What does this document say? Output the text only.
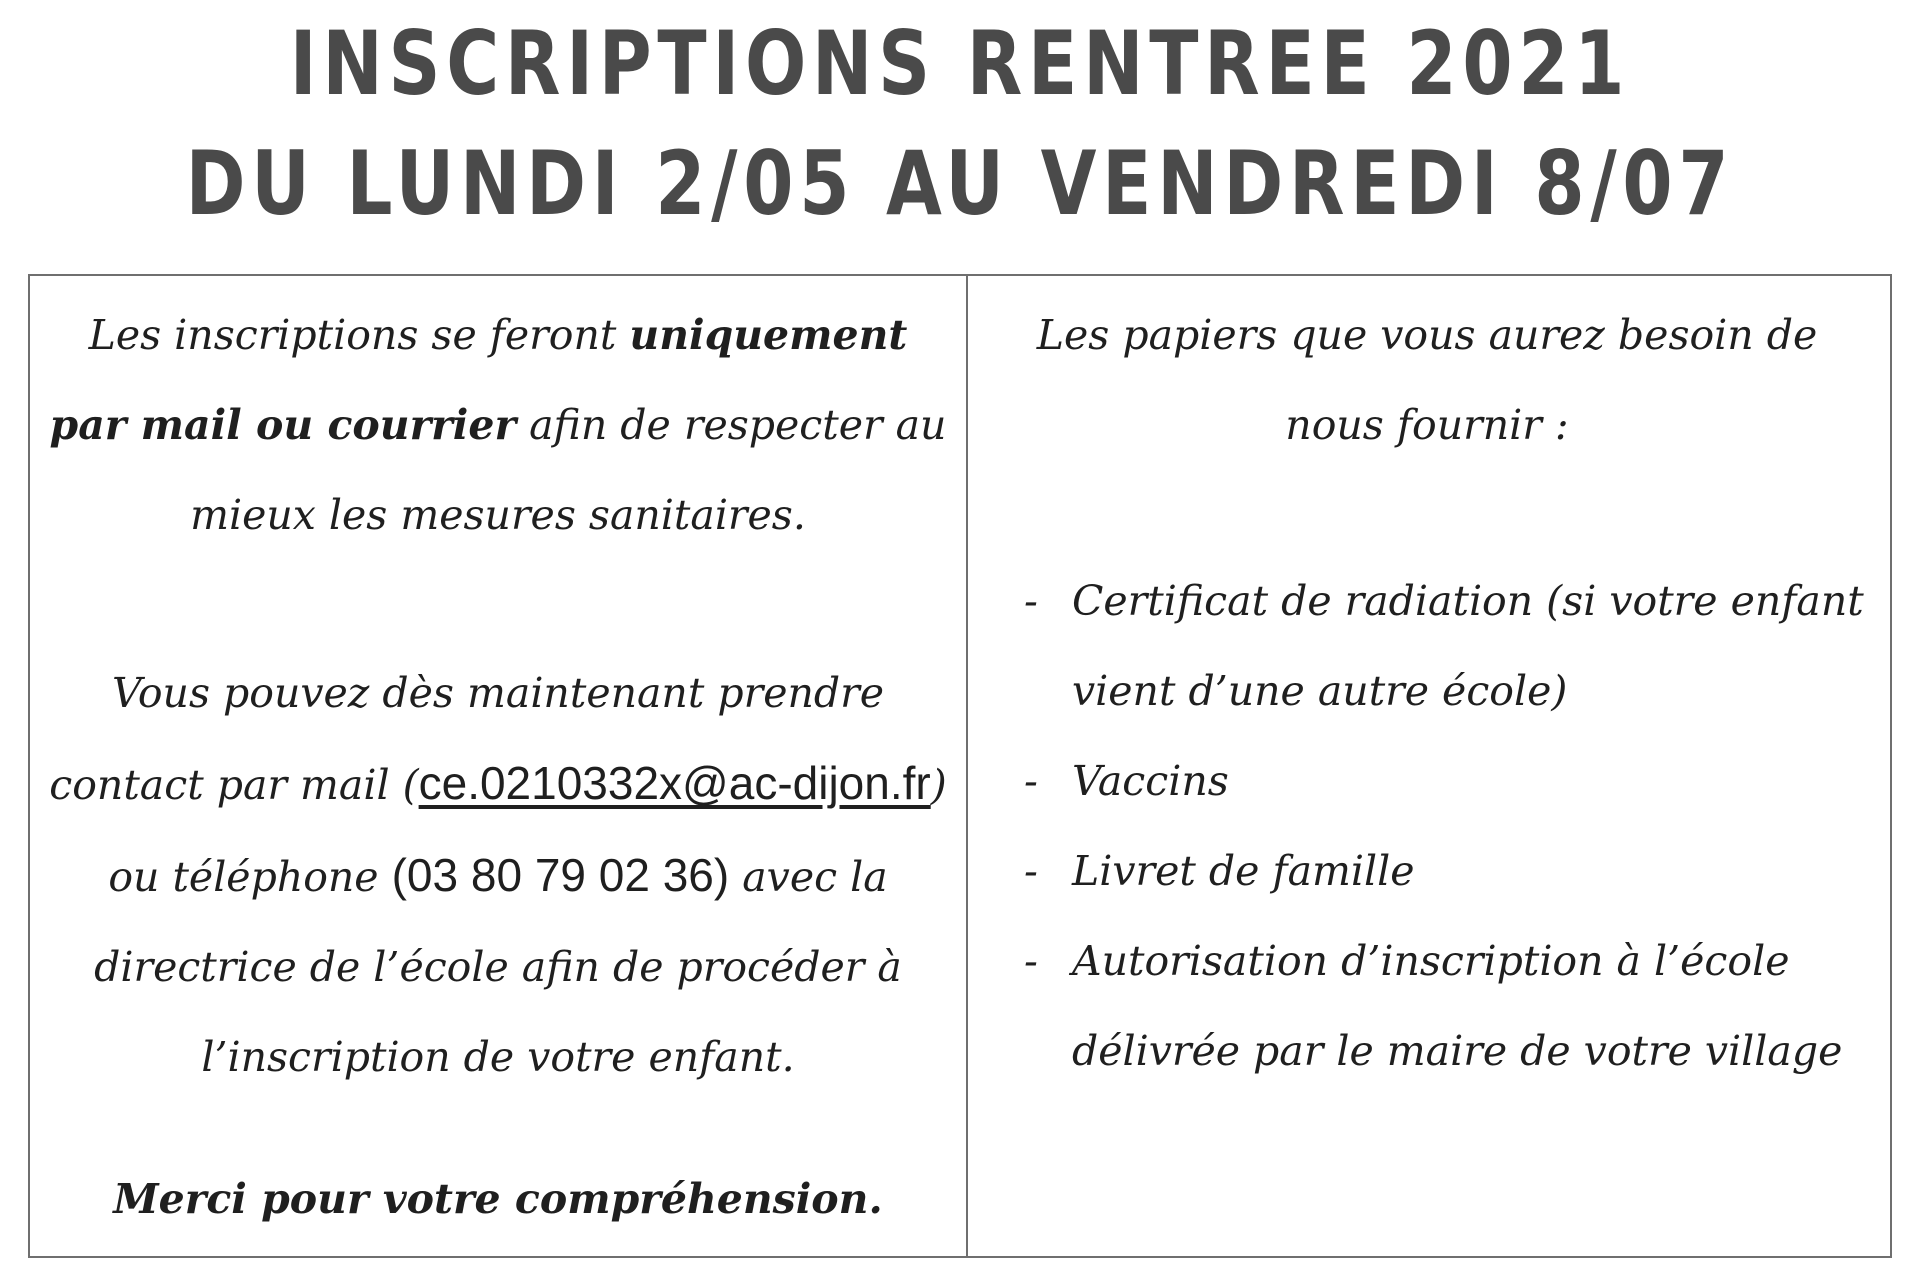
INSCRIPTIONS RENTREE 2021
DU LUNDI 2/05 AU VENDREDI 8/07

Les inscriptions se feront uniquement par mail ou courrier afin de respecter au mieux les mesures sanitaires.

Vous pouvez dès maintenant prendre contact par mail (ce.0210332x@ac-dijon.fr) ou téléphone (03 80 79 02 36) avec la directrice de l’école afin de procéder à l’inscription de votre enfant.

Merci pour votre compréhension.

Les papiers que vous aurez besoin de nous fournir :

- Certificat de radiation (si votre enfant vient d’une autre école)
- Vaccins
- Livret de famille
- Autorisation d’inscription à l’école délivrée par le maire de votre village
